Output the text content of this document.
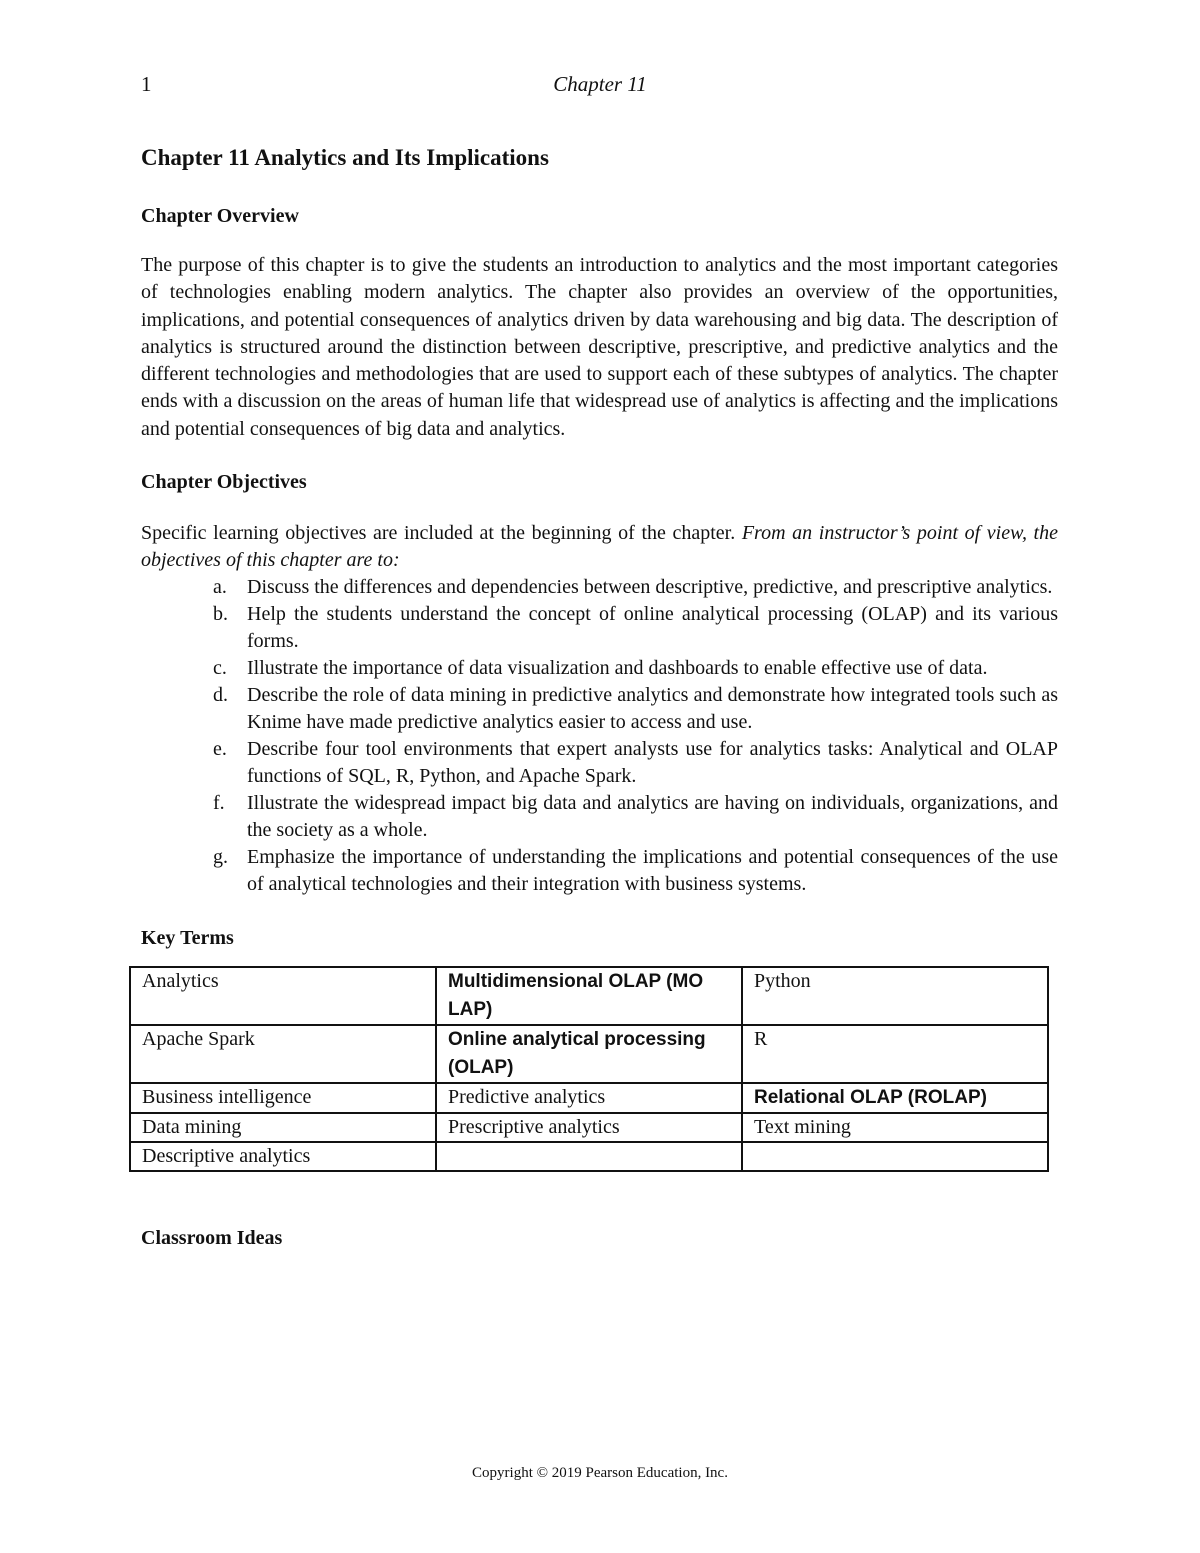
1	Chapter 11
Chapter 11 Analytics and Its Implications
Chapter Overview

The purpose of this chapter is to give the students an introduction to analytics and the most important categories of technologies enabling modern analytics. The chapter also provides an overview of the opportunities, implications, and potential consequences of analytics driven by data warehousing and big data. The description of analytics is structured around the distinction between descriptive, prescriptive, and predictive analytics and the different technologies and methodologies that are used to support each of these subtypes of analytics. The chapter ends with a discussion on the areas of human life that widespread use of analytics is affecting and the implications and potential consequences of big data and analytics.

Chapter Objectives

Specific learning objectives are included at the beginning of the chapter. From an instructor’s point of view, the objectives of this chapter are to:

a. Discuss the differences and dependencies between descriptive, predictive, and prescriptive analytics.
b. Help the students understand the concept of online analytical processing (OLAP) and its various forms.
c. Illustrate the importance of data visualization and dashboards to enable effective use of data.
d. Describe the role of data mining in predictive analytics and demonstrate how integrated tools such as Knime have made predictive analytics easier to access and use.
e. Describe four tool environments that expert analysts use for analytics tasks: Analytical and OLAP functions of SQL, R, Python, and Apache Spark.
f. Illustrate the widespread impact big data and analytics are having on individuals, organizations, and the society as a whole.
g. Emphasize the importance of understanding the implications and potential consequences of the use of analytical technologies and their integration with business systems.
Key Terms
Analytics	Multidimensional OLAP (MO LAP)	Python
Apache Spark	Online analytical processing (OLAP)	R
Business intelligence	Predictive analytics	Relational OLAP (ROLAP)
Data mining	Prescriptive analytics	Text mining
Descriptive analytics		
Classroom Ideas
Copyright © 2019 Pearson Education, Inc.
